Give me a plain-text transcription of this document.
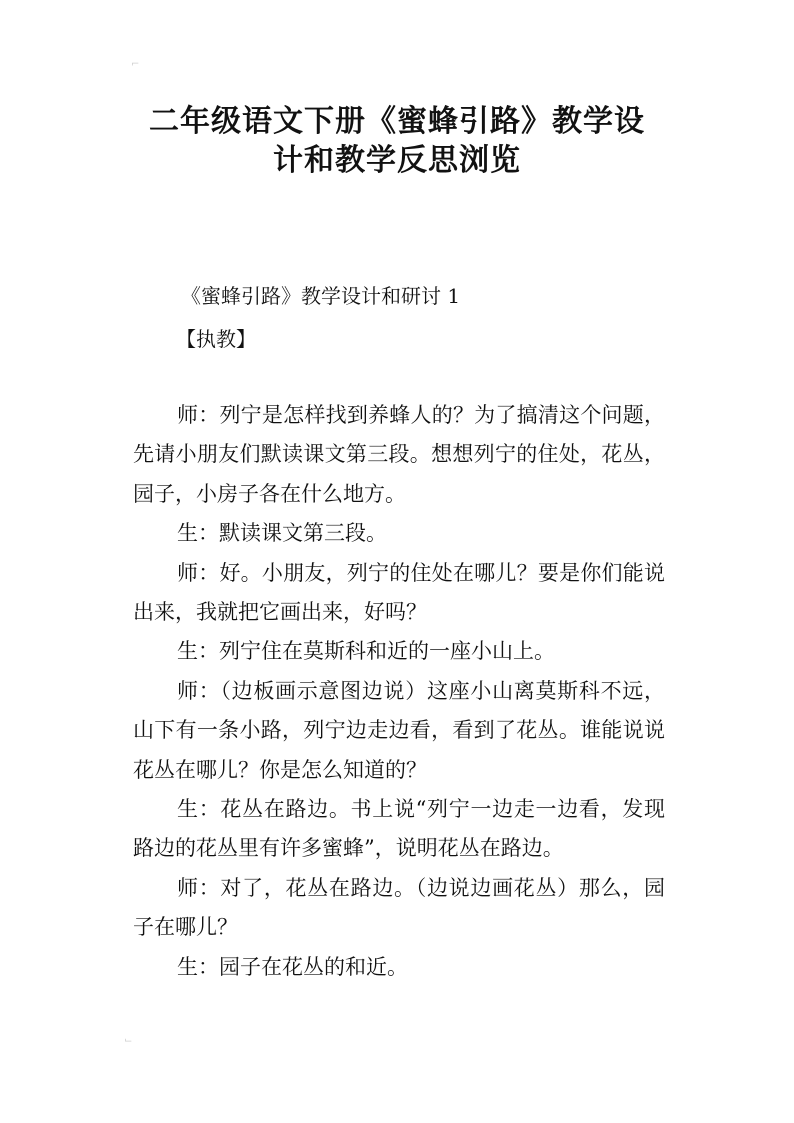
⌐
二年级语文下册《蜜蜂引路》教学设
计和教学反思浏览
《蜜蜂引路》教学设计和研讨 1
【执教】

师：列宁是怎样找到养蜂人的？为了搞清这个问题，先请小朋友们默读课文第三段。想想列宁的住处，花丛，园子，小房子各在什么地方。

生：默读课文第三段。

师：好。小朋友，列宁的住处在哪儿？要是你们能说出来，我就把它画出来，好吗？

生：列宁住在莫斯科和近的一座小山上。

师：（边板画示意图边说）这座小山离莫斯科不远，山下有一条小路，列宁边走边看，看到了花丛。谁能说说花丛在哪儿？你是怎么知道的？

生：花丛在路边。书上说“列宁一边走一边看，发现路边的花丛里有许多蜜蜂”，说明花丛在路边。

师：对了，花丛在路边。（边说边画花丛）那么，园子在哪儿？

生：园子在花丛的和近。

⌙
